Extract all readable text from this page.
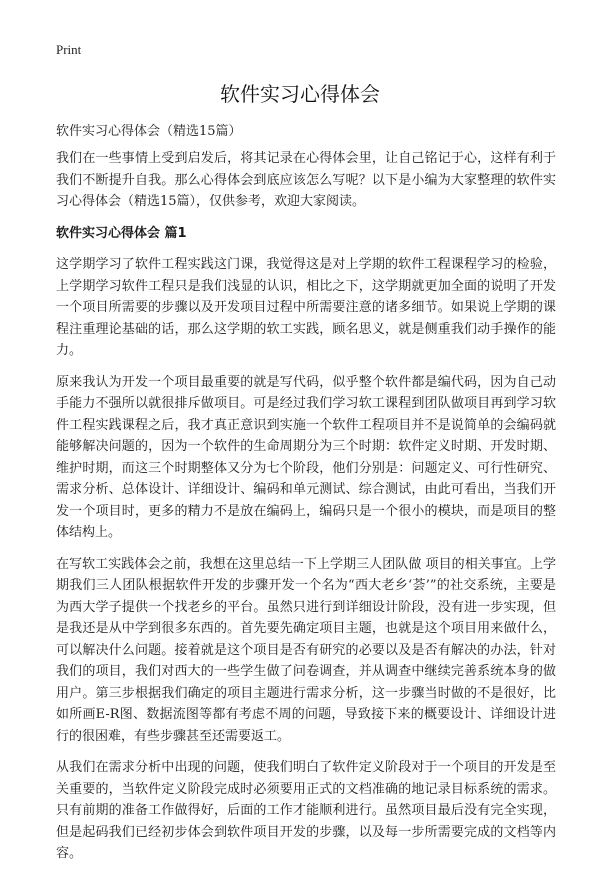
Print
软件实习心得体会

软件实习心得体会（精选15篇）

我们在一些事情上受到启发后，将其记录在心得体会里，让自己铭记于心，这样有利于我们不断提升自我。那么心得体会到底应该怎么写呢？以下是小编为大家整理的软件实习心得体会（精选15篇），仅供参考，欢迎大家阅读。

软件实习心得体会 篇1

这学期学习了软件工程实践这门课，我觉得这是对上学期的软件工程课程学习的检验，上学期学习软件工程只是我们浅显的认识，相比之下，这学期就更加全面的说明了开发一个项目所需要的步骤以及开发项目过程中所需要注意的诸多细节。如果说上学期的课程注重理论基础的话，那么这学期的软工实践，顾名思义，就是侧重我们动手操作的能力。

原来我认为开发一个项目最重要的就是写代码，似乎整个软件都是编代码，因为自己动手能力不强所以就很排斥做项目。可是经过我们学习软工课程到团队做项目再到学习软件工程实践课程之后，我才真正意识到实施一个软件工程项目并不是说简单的会编码就能够解决问题的，因为一个软件的生命周期分为三个时期：软件定义时期、开发时期、维护时期，而这三个时期整体又分为七个阶段，他们分别是：问题定义、可行性研究、需求分析、总体设计、详细设计、编码和单元测试、综合测试，由此可看出，当我们开发一个项目时，更多的精力不是放在编码上，编码只是一个很小的模块，而是项目的整体结构上。

在写软工实践体会之前，我想在这里总结一下上学期三人团队做 项目的相关事宜。上学期我们三人团队根据软件开发的步骤开发一个名为“西大老乡‘荟’”的社交系统，主要是为西大学子提供一个找老乡的平台。虽然只进行到详细设计阶段，没有进一步实现，但是我还是从中学到很多东西的。首先要先确定项目主题，也就是这个项目用来做什么，可以解决什么问题。接着就是这个项目是否有研究的必要以及是否有解决的办法，针对我们的项目，我们对西大的一些学生做了问卷调查，并从调查中继续完善系统本身的做用户。第三步根据我们确定的项目主题进行需求分析，这一步骤当时做的不是很好，比如所画E-R图、数据流图等都有考虑不周的问题，导致接下来的概要设计、详细设计进行的很困难，有些步骤甚至还需要返工。

从我们在需求分析中出现的问题，使我们明白了软件定义阶段对于一个项目的开发是至关重要的，当软件定义阶段完成时必须要用正式的文档准确的地记录目标系统的需求。只有前期的准备工作做得好，后面的工作才能顺利进行。虽然项目最后没有完全实现，但是起码我们已经初步体会到软件项目开发的步骤，以及每一步所需要完成的文档等内容。
